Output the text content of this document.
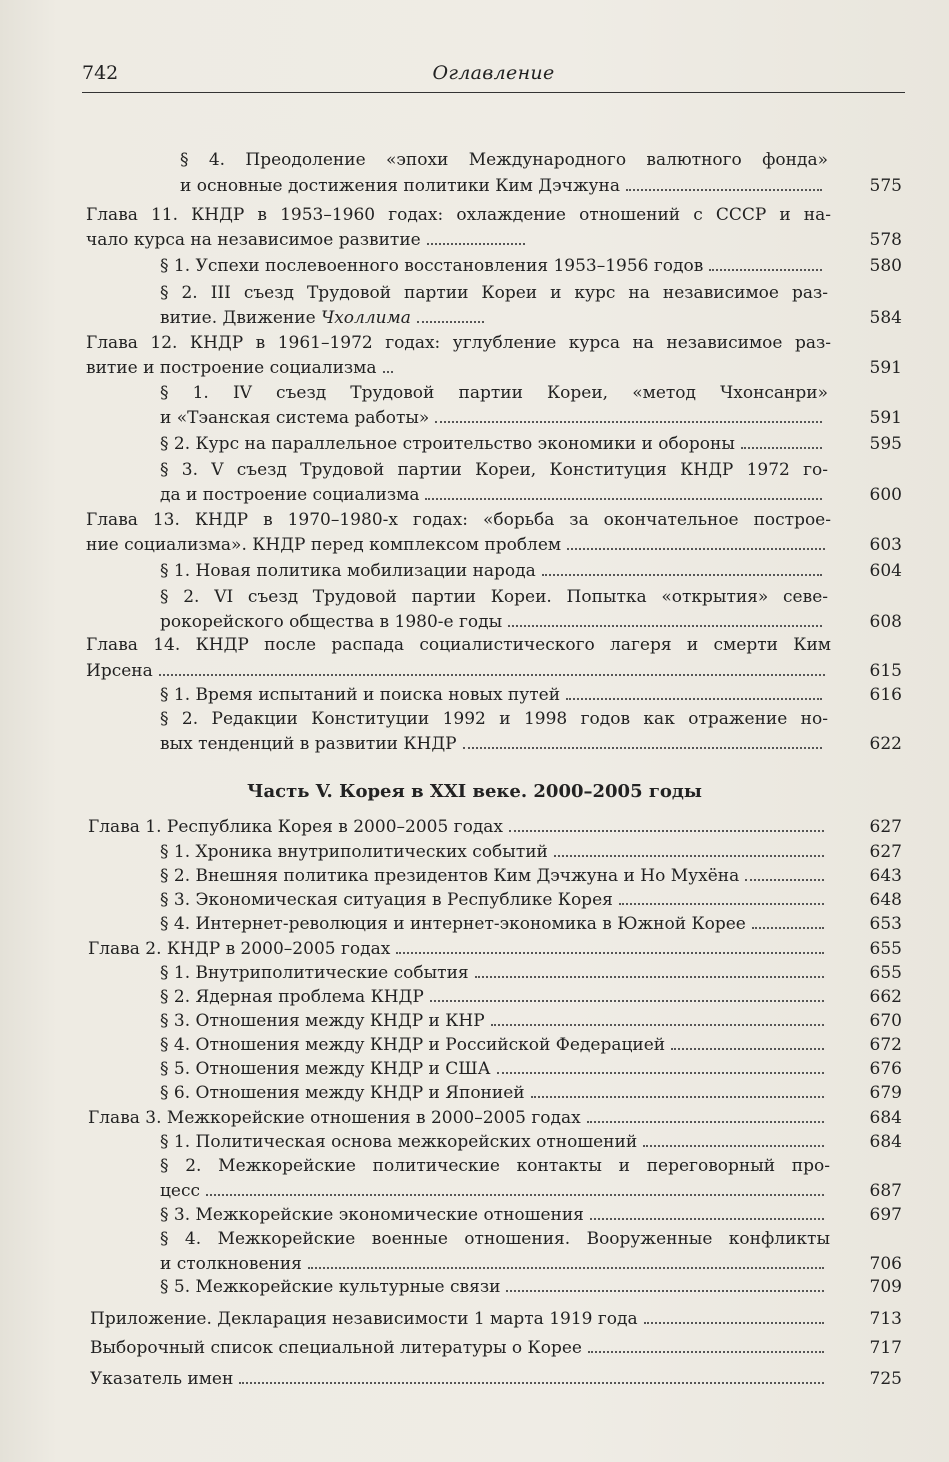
742	Оглавление
§ 4. Преодоление «эпохи Международного валютного фонда»
и основные достижения политики Ким Дэчжуна	575
Глава 11. КНДР в 1953–1960 годах: охлаждение отношений с СССР и на-
чало курса на независимое развитие	578
§ 1. Успехи послевоенного восстановления 1953–1956 годов	580
§ 2. III съезд Трудовой партии Кореи и курс на независимое раз-
витие. Движение Чхоллима	584
Глава 12. КНДР в 1961–1972 годах: углубление курса на независимое раз-
витие и построение социализма	591
§ 1. IV съезд Трудовой партии Кореи, «метод Чхонсанри»
и «Тэанская система работы»	591
§ 2. Курс на параллельное строительство экономики и обороны	595
§ 3. V съезд Трудовой партии Кореи, Конституция КНДР 1972 го-
да и построение социализма	600
Глава 13. КНДР в 1970–1980-х годах: «борьба за окончательное построе-
ние социализма». КНДР перед комплексом проблем	603
§ 1. Новая политика мобилизации народа	604
§ 2. VI съезд Трудовой партии Кореи. Попытка «открытия» севе-
рокорейского общества в 1980-е годы	608
Глава 14. КНДР после распада социалистического лагеря и смерти Ким
Ирсена	615
§ 1. Время испытаний и поиска новых путей	616
§ 2. Редакции Конституции 1992 и 1998 годов как отражение но-
вых тенденций в развитии КНДР	622
Глава 1. Республика Корея в 2000–2005 годах	627
§ 1. Хроника внутриполитических событий	627
§ 2. Внешняя политика президентов Ким Дэчжуна и Но Мухёна	643
§ 3. Экономическая ситуация в Республике Корея	648
§ 4. Интернет-революция и интернет-экономика в Южной Корее	653
Глава 2. КНДР в 2000–2005 годах	655
§ 1. Внутриполитические события	655
§ 2. Ядерная проблема КНДР	662
§ 3. Отношения между КНДР и КНР	670
§ 4. Отношения между КНДР и Российской Федерацией	672
§ 5. Отношения между КНДР и США	676
§ 6. Отношения между КНДР и Японией	679
Глава 3. Межкорейские отношения в 2000–2005 годах	684
§ 1. Политическая основа межкорейских отношений	684
§ 2. Межкорейские политические контакты и переговорный про-
цесс	687
§ 3. Межкорейские экономические отношения	697
§ 4. Межкорейские военные отношения. Вооруженные конфликты
и столкновения	706
§ 5. Межкорейские культурные связи	709
Приложение. Декларация независимости 1 марта 1919 года	713
Выборочный список специальной литературы о Корее	717
Указатель имен	725
Часть V. Корея в XXI веке. 2000–2005 годы
